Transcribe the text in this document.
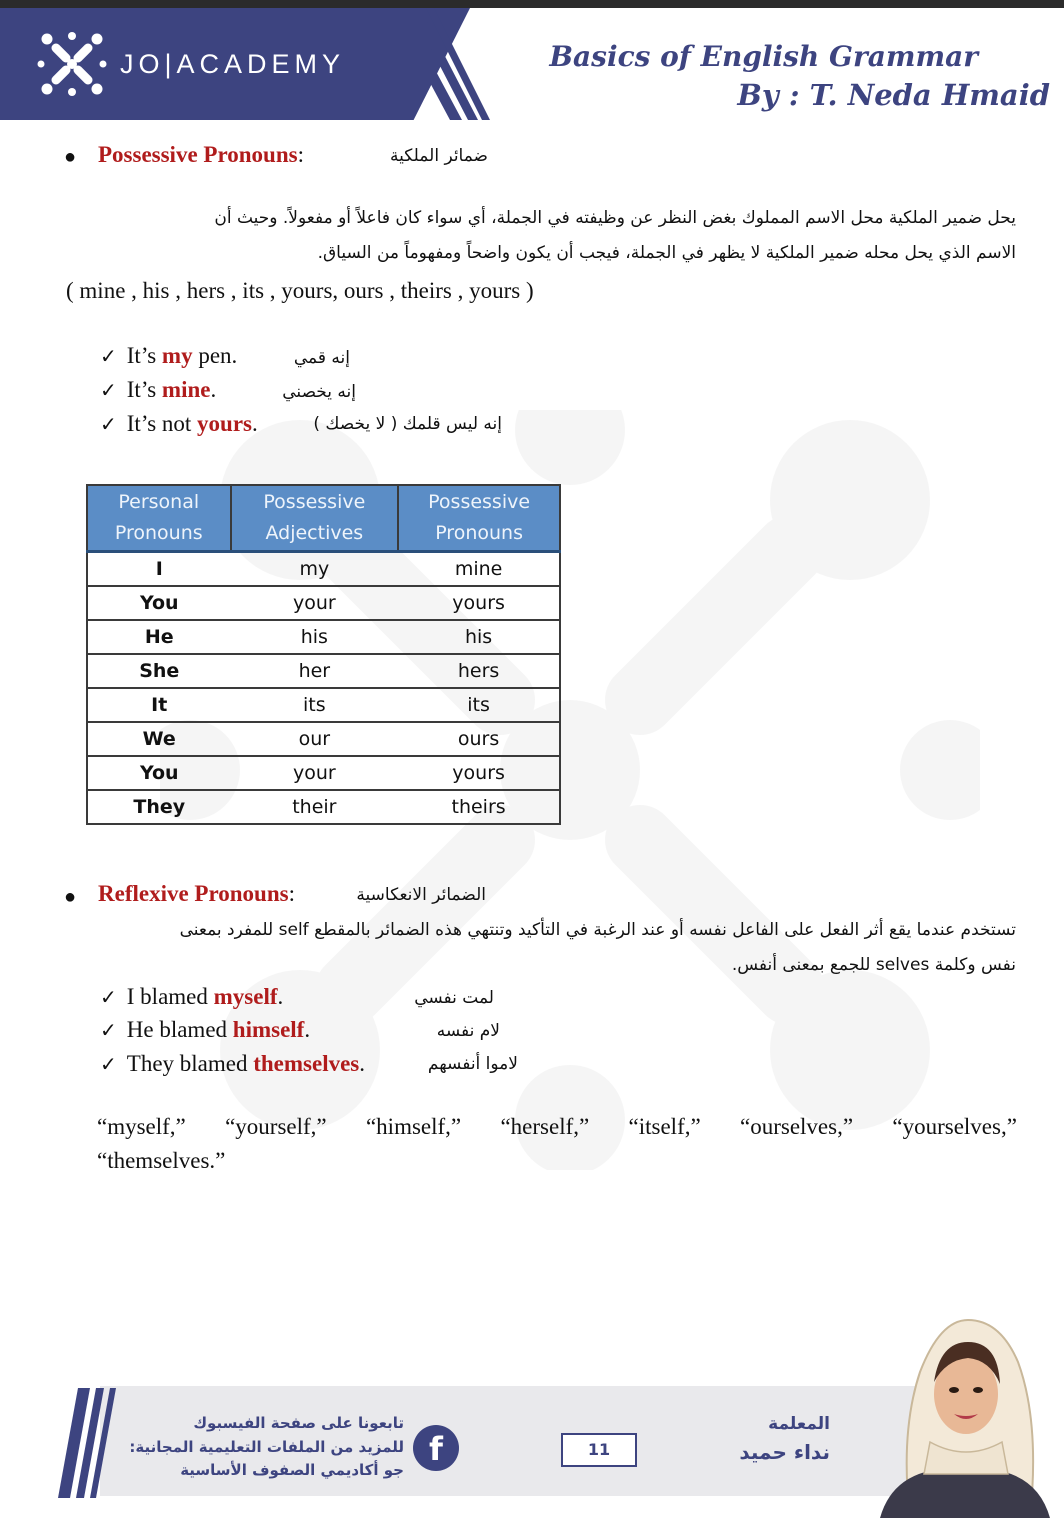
JO|ACADEMY	Basics of English Grammar
By : T. Neda Hmaid
● Possessive Pronouns:	ضمائر الملكية
يحل ضمير الملكية محل الاسم المملوك بغض النظر عن وظيفته في الجملة، أي سواء كان فاعلاً أو مفعولاً. وحيث أن
الاسم الذي يحل محله ضمير الملكية لا يظهر في الجملة، فيجب أن يكون واضحاً ومفهوماً من السياق.
( mine , his , hers , its , yours, ours , theirs , yours )
✓ It’s my pen.	إنه قمي
✓ It’s mine.	إنه يخصني
✓ It’s not yours.	إنه ليس قلمك ( لا يخصك )
Personal Pronouns	Possessive Adjectives	Possessive Pronouns
I	my	mine
You	your	yours
He	his	his
She	her	hers
It	its	its
We	our	ours
You	your	yours
They	their	theirs
● Reflexive Pronouns:	الضمائر الانعكاسية
تستخدم عندما يقع أثر الفعل على الفاعل نفسه أو عند الرغبة في التأكيد وتنتهي هذه الضمائر بالمقطع self للمفرد بمعنى
نفس وكلمة selves للجمع بمعنى أنفس.
✓ I blamed myself.	لمت نفسي
✓ He blamed himself.	لام نفسه
✓ They blamed themselves.	لاموا أنفسهم
“myself,” “yourself,” “himself,” “herself,” “itself,” “ourselves,” “yourselves,”
“themselves.”
تابعونا على صفحة الفيسبوك
للمزيد من الملفات التعليمية المجانية:
جو أكاديمي الصفوف الأساسية
f	11
المعلمة
نداء حميد
